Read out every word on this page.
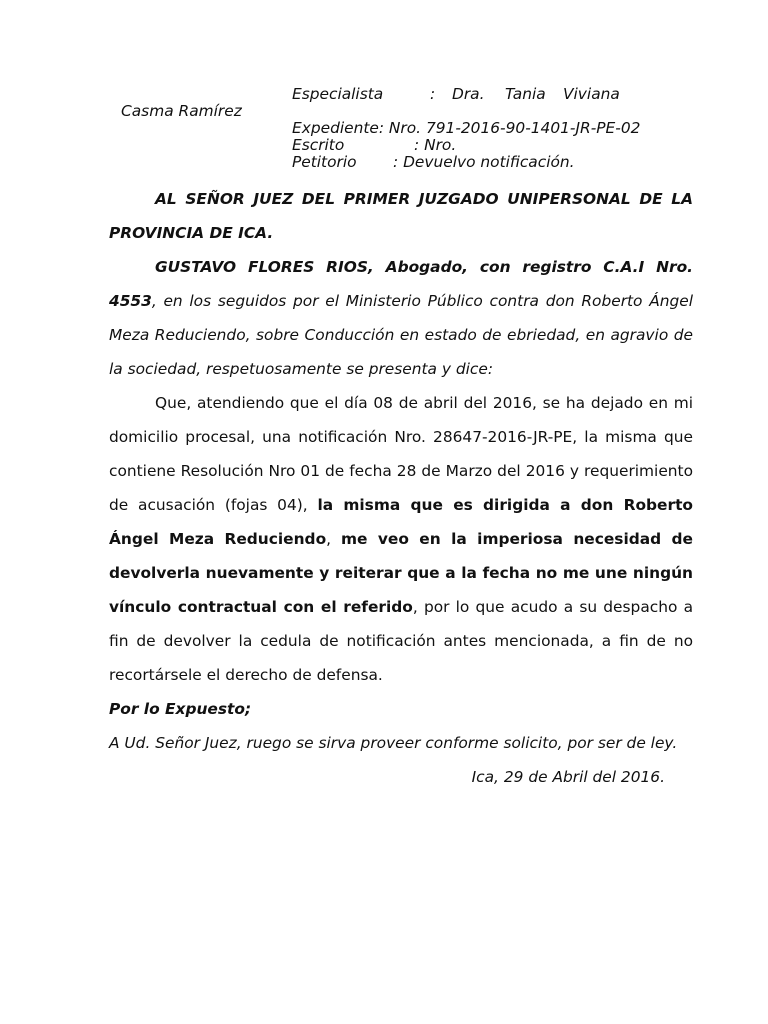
Especialista	: Dra. Tania Viviana
Casma Ramírez
Expediente: Nro. 791-2016-90-1401-JR-PE-02
Escrito	: Nro.
Petitorio : Devuelvo notificación.

AL SEÑOR JUEZ DEL PRIMER JUZGADO UNIPERSONAL DE LA PROVINCIA DE ICA.

GUSTAVO FLORES RIOS, Abogado, con registro C.A.I Nro. 4553, en los seguidos por el Ministerio Público contra don Roberto Ángel Meza Reduciendo, sobre Conducción en estado de ebriedad, en agravio de la sociedad, respetuosamente se presenta y dice:

Que, atendiendo que el día 08 de abril del 2016, se ha dejado en mi domicilio procesal, una notificación Nro. 28647-2016-JR-PE, la misma que contiene Resolución Nro 01 de fecha 28 de Marzo del 2016 y requerimiento de acusación (fojas 04), la misma que es dirigida a don Roberto Ángel Meza Reduciendo, me veo en la imperiosa necesidad de devolverla nuevamente y reiterar que a la fecha no me une ningún vínculo contractual con el referido, por lo que acudo a su despacho a fin de devolver la cedula de notificación antes mencionada, a fin de no recortársele el derecho de defensa.

Por lo Expuesto;

A Ud. Señor Juez, ruego se sirva proveer conforme solicito, por ser de ley.

Ica, 29 de Abril del 2016.
